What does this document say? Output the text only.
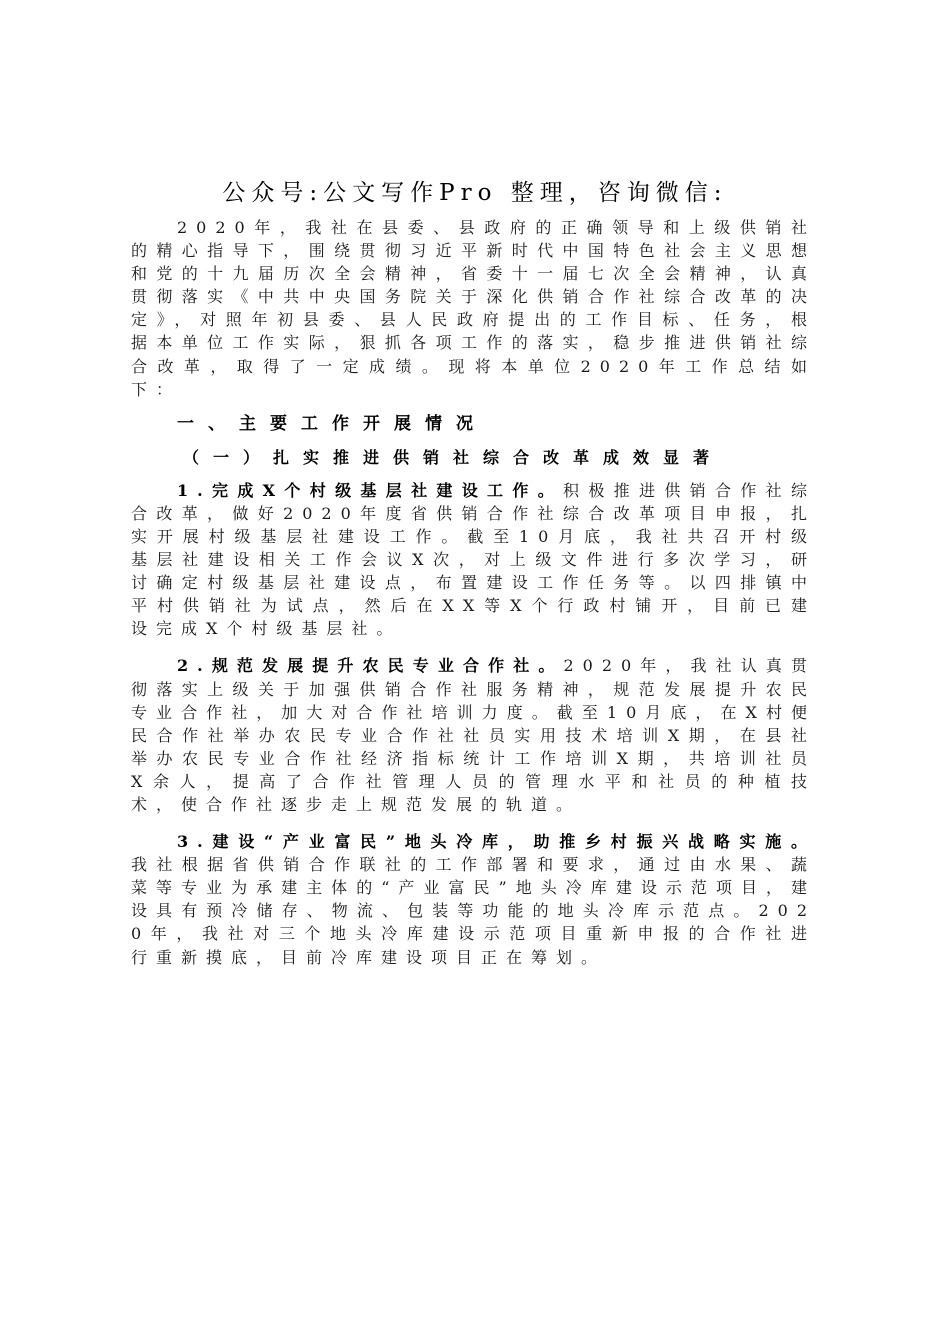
公众号:公文写作Pro 整理，咨询微信:

2020年，我社在县委、县政府的正确领导和上级供销社的精心指导下，围绕贯彻习近平新时代中国特色社会主义思想和党的十九届历次全会精神，省委十一届七次全会精神，认真贯彻落实《中共中央国务院关于深化供销合作社综合改革的决定》，对照年初县委、县人民政府提出的工作目标、任务，根据本单位工作实际，狠抓各项工作的落实，稳步推进供销社综合改革，取得了一定成绩。现将本单位2020年工作总结如下：

一、主要工作开展情况
（一）扎实推进供销社综合改革成效显著

1.完成X个村级基层社建设工作。积极推进供销合作社综合改革，做好2020年度省供销合作社综合改革项目申报，扎实开展村级基层社建设工作。截至10月底，我社共召开村级基层社建设相关工作会议X次，对上级文件进行多次学习，研讨确定村级基层社建设点，布置建设工作任务等。以四排镇中平村供销社为试点，然后在XX等X个行政村铺开，目前已建设完成X个村级基层社。

2.规范发展提升农民专业合作社。2020年，我社认真贯彻落实上级关于加强供销合作社服务精神，规范发展提升农民专业合作社，加大对合作社培训力度。截至10月底，在X村便民合作社举办农民专业合作社社员实用技术培训X期，在县社举办农民专业合作社经济指标统计工作培训X期，共培训社员X余人，提高了合作社管理人员的管理水平和社员的种植技术，使合作社逐步走上规范发展的轨道。

3.建设“产业富民”地头冷库，助推乡村振兴战略实施。我社根据省供销合作联社的工作部署和要求，通过由水果、蔬菜等专业为承建主体的“产业富民”地头冷库建设示范项目，建设具有预冷储存、物流、包装等功能的地头冷库示范点。2020年，我社对三个地头冷库建设示范项目重新申报的合作社进行重新摸底，目前冷库建设项目正在筹划。
